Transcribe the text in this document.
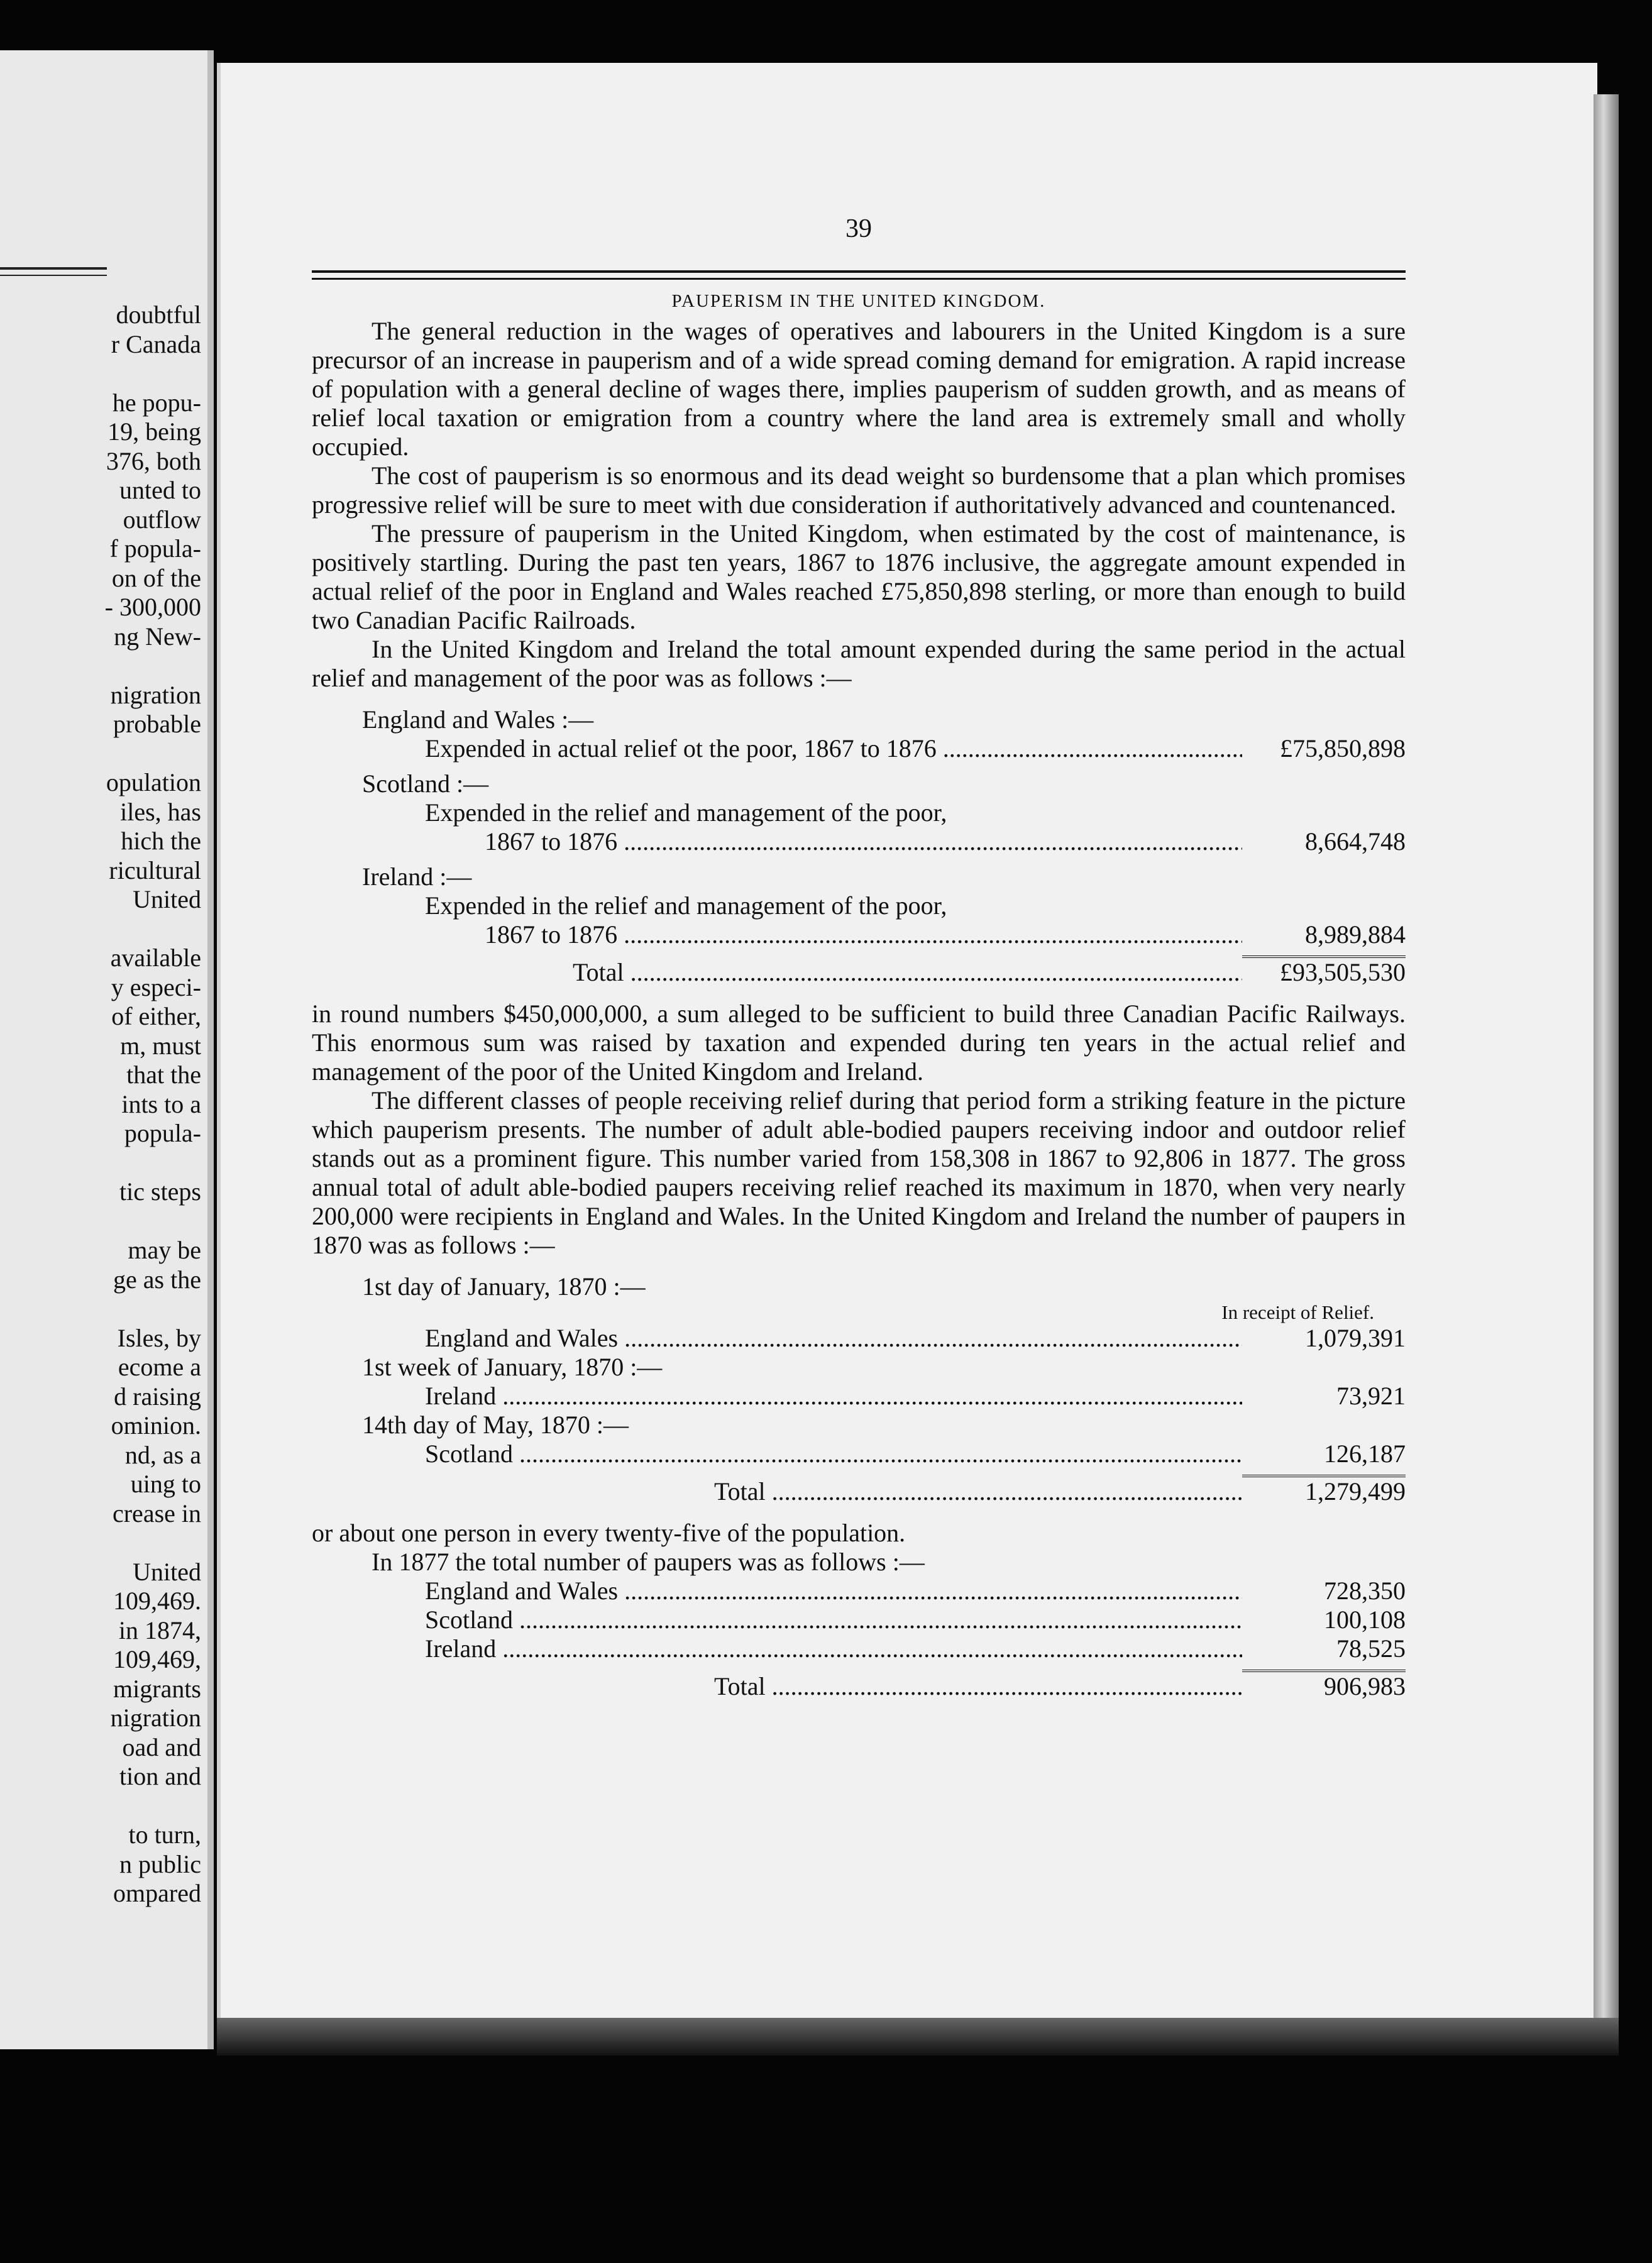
doubtful
r Canada
he popu-
19, being
376, both
unted to
outflow
f popula-
on of the
- 300,000
ng New-
nigration
probable
opulation
iles, has
hich the
ricultural
United
available
y especi-
of either,
m, must
that the
ints to a
popula-
tic steps
may be
ge as the
Isles, by
ecome a
d raising
ominion.
nd, as a
uing to
crease in
United
109,469.
in 1874,
109,469,
migrants
nigration
oad and
tion and
to turn,
n public
ompared
39
PAUPERISM IN THE UNITED KINGDOM.

The general reduction in the wages of operatives and labourers in the United Kingdom is a sure precursor of an increase in pauperism and of a wide spread coming demand for emigration. A rapid increase of population with a general decline of wages there, implies pauperism of sudden growth, and as means of relief local taxation or emigration from a country where the land area is extremely small and wholly occupied.

The cost of pauperism is so enormous and its dead weight so burdensome that a plan which promises progressive relief will be sure to meet with due consideration if authoritatively advanced and countenanced.

The pressure of pauperism in the United Kingdom, when estimated by the cost of maintenance, is positively startling. During the past ten years, 1867 to 1876 inclusive, the aggregate amount expended in actual relief of the poor in England and Wales reached £75,850,898 sterling, or more than enough to build two Canadian Pacific Railroads.

In the United Kingdom and Ireland the total amount expended during the same period in the actual relief and management of the poor was as follows :—

England and Wales :—
Expended in actual relief ot the poor, 1867 to 1876 .....	£75,850,898
Scotland :—
Expended in the relief and management of the poor,
1867 to 1876 .....	8,664,748
Ireland :—
Expended in the relief and management of the poor,
1867 to 1876 .....	8,989,884
Total .....	£93,505,530

in round numbers $450,000,000, a sum alleged to be sufficient to build three Canadian Pacific Railways. This enormous sum was raised by taxation and expended during ten years in the actual relief and management of the poor of the United Kingdom and Ireland.

The different classes of people receiving relief during that period form a striking feature in the picture which pauperism presents. The number of adult able-bodied paupers receiving indoor and outdoor relief stands out as a prominent figure. This number varied from 158,308 in 1867 to 92,806 in 1877. The gross annual total of adult able-bodied paupers receiving relief reached its maximum in 1870, when very nearly 200,000 were recipients in England and Wales. In the United Kingdom and Ireland the number of paupers in 1870 was as follows :—

1st day of January, 1870 :—
In receipt of Relief.
England and Wales .....	1,079,391
1st week of January, 1870 :—
Ireland .....	73,921
14th day of May, 1870 :—
Scotland .....	126,187
Total .....	1,279,499

or about one person in every twenty-five of the population.

In 1877 the total number of paupers was as follows :—

England and Wales .....	728,350
Scotland .....	100,108
Ireland .....	78,525
Total .....	906,983
